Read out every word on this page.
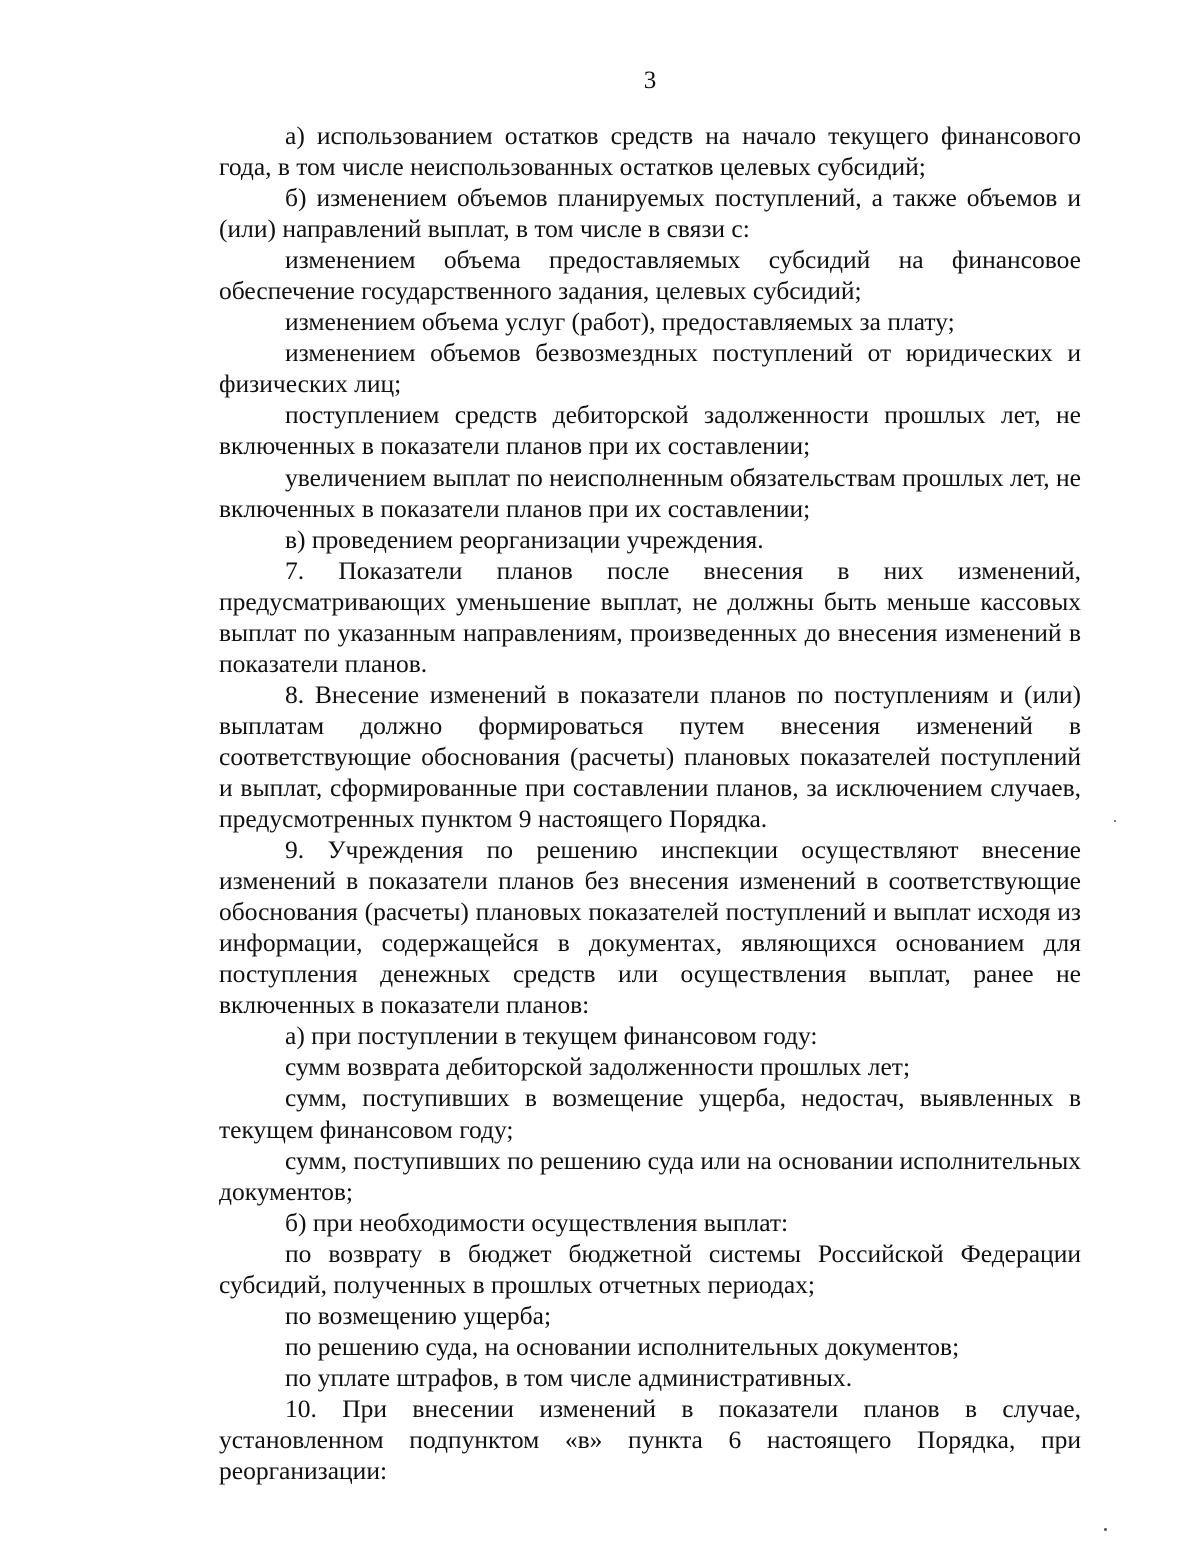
3

а) использованием остатков средств на начало текущего финансового года, в том числе неиспользованных остатков целевых субсидий;

б) изменением объемов планируемых поступлений, а также объемов и (или) направлений выплат, в том числе в связи с:

изменением объема предоставляемых субсидий на финансовое обеспечение государственного задания, целевых субсидий;

изменением объема услуг (работ), предоставляемых за плату;

изменением объемов безвозмездных поступлений от юридических и физических лиц;

поступлением средств дебиторской задолженности прошлых лет, не включенных в показатели планов при их составлении;

увеличением выплат по неисполненным обязательствам прошлых лет, не включенных в показатели планов при их составлении;

в) проведением реорганизации учреждения.

7. Показатели планов после внесения в них изменений, предусматривающих уменьшение выплат, не должны быть меньше кассовых выплат по указанным направлениям, произведенных до внесения изменений в показатели планов.

8. Внесение изменений в показатели планов по поступлениям и (или) выплатам должно формироваться путем внесения изменений в соответствующие обоснования (расчеты) плановых показателей поступлений и выплат, сформированные при составлении планов, за исключением случаев, предусмотренных пунктом 9 настоящего Порядка.

9. Учреждения по решению инспекции осуществляют внесение изменений в показатели планов без внесения изменений в соответствующие обоснования (расчеты) плановых показателей поступлений и выплат исходя из информации, содержащейся в документах, являющихся основанием для поступления денежных средств или осуществления выплат, ранее не включенных в показатели планов:

а) при поступлении в текущем финансовом году:

сумм возврата дебиторской задолженности прошлых лет;

сумм, поступивших в возмещение ущерба, недостач, выявленных в текущем финансовом году;

сумм, поступивших по решению суда или на основании исполнительных документов;

б) при необходимости осуществления выплат:

по возврату в бюджет бюджетной системы Российской Федерации субсидий, полученных в прошлых отчетных периодах;

по возмещению ущерба;

по решению суда, на основании исполнительных документов;

по уплате штрафов, в том числе административных.

10. При внесении изменений в показатели планов в случае, установленном подпунктом «в» пункта 6 настоящего Порядка, при реорганизации:
